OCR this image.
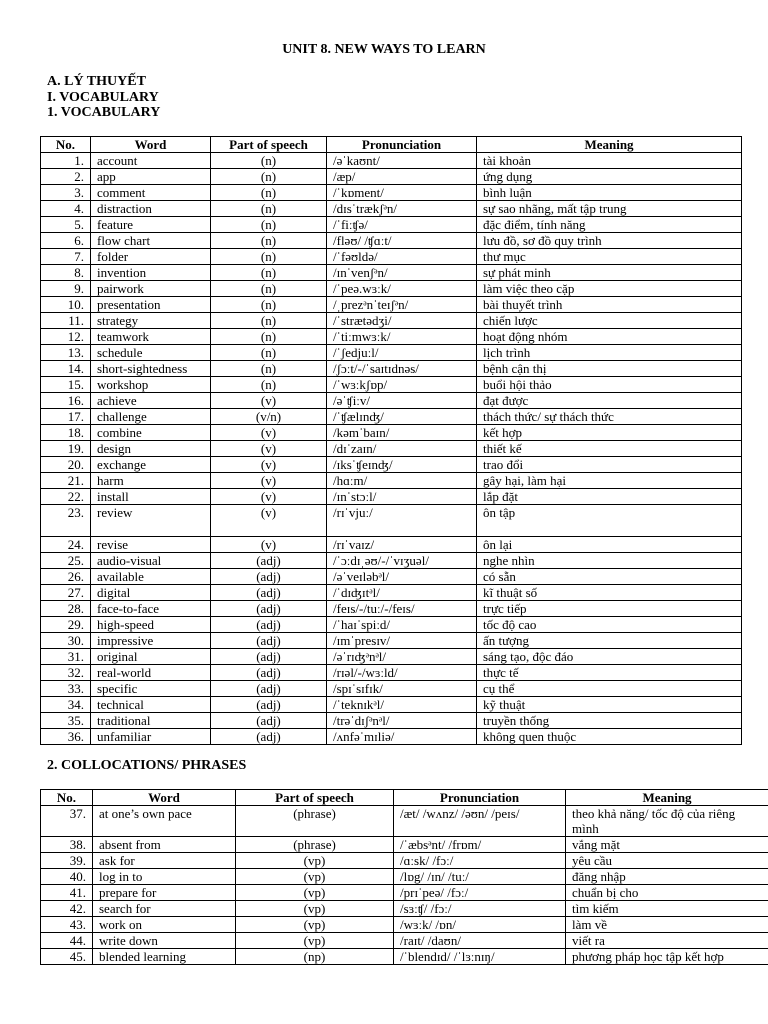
UNIT 8. NEW WAYS TO LEARN
A. LÝ THUYẾT
I. VOCABULARY
1. VOCABULARY
No.	Word	Part of speech	Pronunciation	Meaning
1.	account	(n)	/əˈkaʊnt/	tài khoản
2.	app	(n)	/æp/	ứng dụng
3.	comment	(n)	/ˈkɒment/	bình luận
4.	distraction	(n)	/dɪsˈtrækʃᵊn/	sự sao nhãng, mất tập trung
5.	feature	(n)	/ˈfiːʧə/	đặc điểm, tính năng
6.	flow chart	(n)	/fləʊ/ /ʧɑːt/	lưu đồ, sơ đồ quy trình
7.	folder	(n)	/ˈfəʊldə/	thư mục
8.	invention	(n)	/ɪnˈvenʃᵊn/	sự phát minh
9.	pairwork	(n)	/ˈpeə.wɜːk/	làm việc theo cặp
10.	presentation	(n)	/ˌprezᵊnˈteɪʃᵊn/	bài thuyết trình
11.	strategy	(n)	/ˈstrætədʒi/	chiến lược
12.	teamwork	(n)	/ˈtiːmwɜːk/	hoạt động nhóm
13.	schedule	(n)	/ˈʃedjuːl/	lịch trình
14.	short-sightedness	(n)	/ʃɔːt/-/ˈsaɪtɪdnəs/	bệnh cận thị
15.	workshop	(n)	/ˈwɜːkʃɒp/	buổi hội thảo
16.	achieve	(v)	/əˈʧiːv/	đạt được
17.	challenge	(v/n)	/ˈʧælɪnʤ/	thách thức/ sự thách thức
18.	combine	(v)	/kəmˈbaɪn/	kết hợp
19.	design	(v)	/dɪˈzaɪn/	thiết kế
20.	exchange	(v)	/ɪksˈʧeɪnʤ/	trao đổi
21.	harm	(v)	/hɑːm/	gây hại, làm hại
22.	install	(v)	/ɪnˈstɔːl/	lắp đặt
23.	review	(v)	/rɪˈvjuː/	ôn tập
24.	revise	(v)	/rɪˈvaɪz/	ôn lại
25.	audio-visual	(adj)	/ˈɔːdɪˌəʊ/-/ˈvɪʒuəl/	nghe nhìn
26.	available	(adj)	/əˈveɪləbᵊl/	có sẵn
27.	digital	(adj)	/ˈdɪʤɪtᵊl/	kĩ thuật số
28.	face-to-face	(adj)	/feɪs/-/tuː/-/feɪs/	trực tiếp
29.	high-speed	(adj)	/ˈhaɪˈspiːd/	tốc độ cao
30.	impressive	(adj)	/ɪmˈpresɪv/	ấn tượng
31.	original	(adj)	/əˈrɪʤᵊnᵊl/	sáng tạo, độc đáo
32.	real-world	(adj)	/rɪəl/-/wɜːld/	thực tế
33.	specific	(adj)	/spɪˈsɪfɪk/	cụ thể
34.	technical	(adj)	/ˈteknɪkᵊl/	kỹ thuật
35.	traditional	(adj)	/trəˈdɪʃᵊnᵊl/	truyền thống
36.	unfamiliar	(adj)	/ʌnfəˈmɪliə/	không quen thuộc
2. COLLOCATIONS/ PHRASES
No.	Word	Part of speech	Pronunciation	Meaning
37.	at one’s own pace	(phrase)	/æt/ /wʌnz/ /əʊn/ /peɪs/	theo khả năng/ tốc độ của riêng mình
38.	absent from	(phrase)	/ˈæbsᵊnt/ /frɒm/	vắng mặt
39.	ask for	(vp)	/ɑːsk/ /fɔː/	yêu cầu
40.	log in to	(vp)	/lɒg/ /ɪn/ /tuː/	đăng nhập
41.	prepare for	(vp)	/prɪˈpeə/ /fɔː/	chuẩn bị cho
42.	search for	(vp)	/sɜːʧ/ /fɔː/	tìm kiếm
43.	work on	(vp)	/wɜːk/ /ɒn/	làm về
44.	write down	(vp)	/raɪt/ /daʊn/	viết ra
45.	blended learning	(np)	/ˈblendɪd/ /ˈlɜːnɪŋ/	phương pháp học tập kết hợp
